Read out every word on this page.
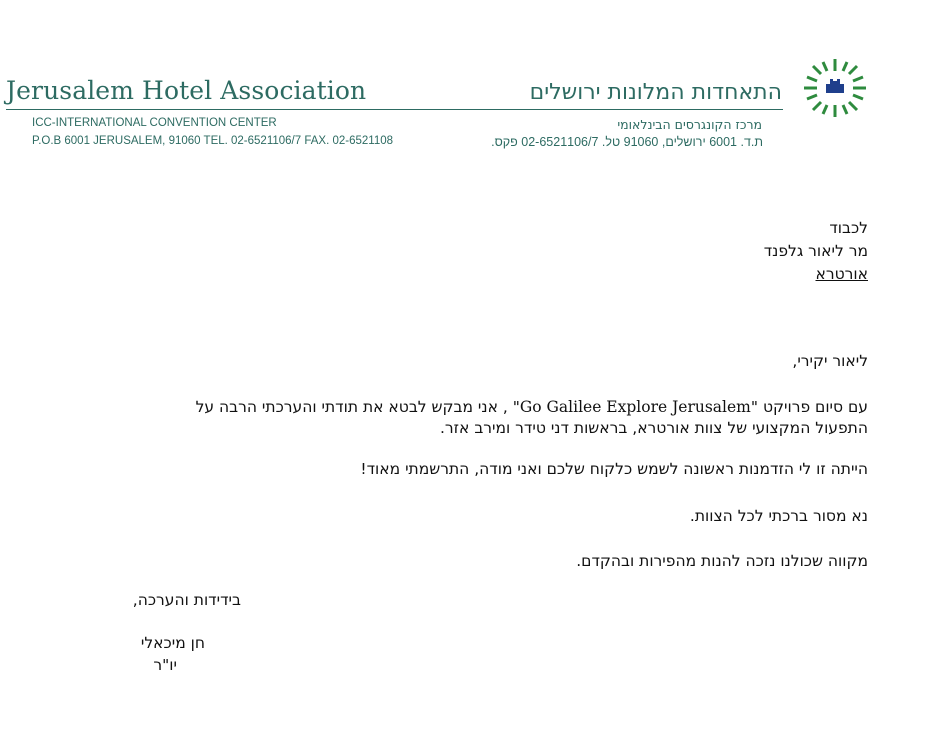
Jerusalem Hotel Association	התאחדות המלונות ירושלים
ICC-INTERNATIONAL CONVENTION CENTER	מרכז הקונגרסים הבינלאומי
P.O.B 6001 JERUSALEM, 91060 TEL. 02-6521106/7 FAX. 02-6521108	ת.ד. 6001 ירושלים, 91060 טל. 02-6521106/7 פקס.
לכבוד
מר ליאור גלפנד
אורטרא
ליאור יקירי,
עם סיום פרויקט "Go Galilee Explore Jerusalem" , אני מבקש לבטא את תודתי והערכתי הרבה על
התפעול המקצועי של צוות אורטרא, בראשות דני טידר ומירב אזר.
הייתה זו לי הזדמנות ראשונה לשמש כלקוח שלכם ואני מודה, התרשמתי מאוד!
נא מסור ברכתי לכל הצוות.
מקווה שכולנו נזכה להנות מהפירות ובהקדם.
בידידות והערכה,
חן מיכאלי
יו"ר
